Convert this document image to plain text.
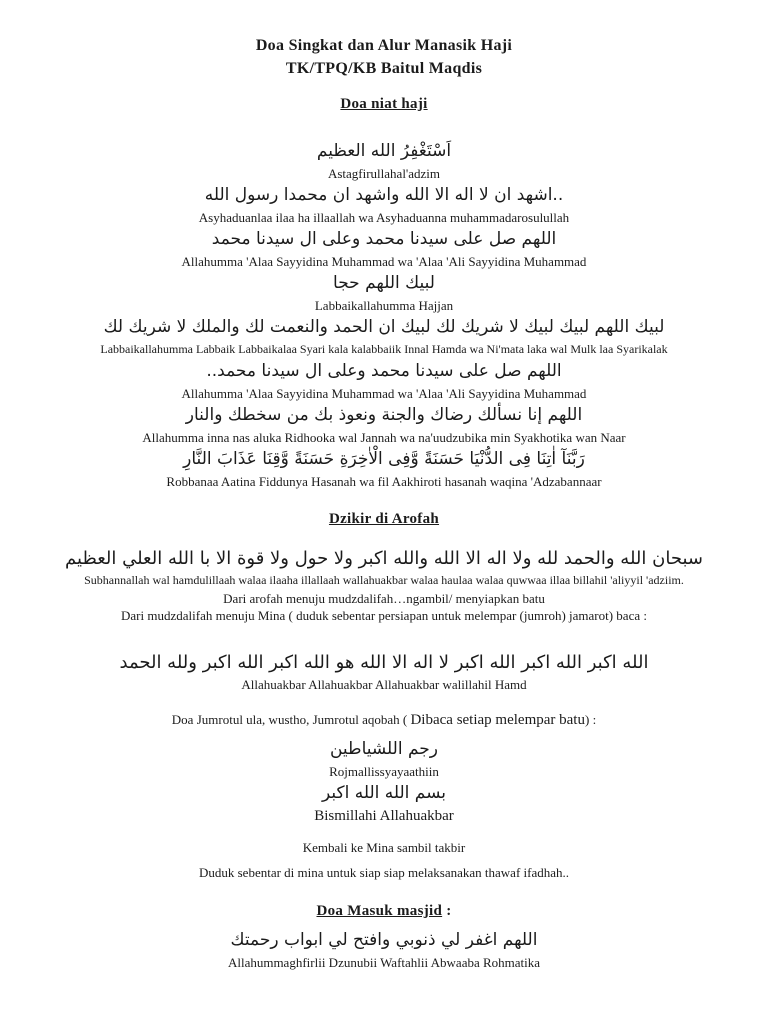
Doa Singkat dan Alur Manasik Haji
TK/TPQ/KB Baitul Maqdis
Doa niat haji
اَسْتَغْفِرُ الله العظيم
Astagfirullahal'adzim
..اشهد ان لا اله الا الله واشهد ان محمدا رسول الله
Asyhaduanlaa ilaa ha illaallah wa Asyhaduanna muhammadarosulullah
اللهم صل على سيدنا محمد وعلى ال سيدنا محمد
Allahumma 'Alaa Sayyidina Muhammad wa 'Alaa 'Ali Sayyidina Muhammad
لبيك اللهم حجا
Labbaikallahumma Hajjan
لبيك اللهم لبيك لبيك لا شريك لك لبيك ان الحمد والنعمت لك والملك لا شريك لك
Labbaikallahumma Labbaik Labbaikalaa Syari kala kalabbaiik Innal Hamda wa Ni'mata laka wal Mulk laa Syarikalak
اللهم صل على سيدنا محمد وعلى ال سيدنا محمد..
Allahumma 'Alaa Sayyidina Muhammad wa 'Alaa 'Ali Sayyidina Muhammad
اللهم إنا نسألك رضاك والجنة ونعوذ بك من سخطك والنار
Allahumma inna nas aluka Ridhooka wal Jannah wa na'uudzubika min Syakhotika wan Naar
رَبَّنَآ اٰتِنَا فِى الدُّنْيَا حَسَنَةً وَّفِى الْاٰخِرَةِ حَسَنَةً وَّقِنَا عَذَابَ النَّارِ
Robbanaa Aatina Fiddunya Hasanah wa fil Aakhiroti hasanah waqina 'Adzabannaar
Dzikir di Arofah
سبحان الله والحمد لله ولا اله الا الله والله اكبر ولا حول ولا قوة الا با الله العلي العظيم
Subhannallah wal hamdulillaah walaa ilaaha illallaah wallahuakbar walaa haulaa walaa quwwaa illaa billahil 'aliyyil 'adziim.
Dari arofah menuju mudzdalifah…ngambil/ menyiapkan batu
Dari mudzdalifah menuju Mina ( duduk sebentar persiapan untuk melempar (jumroh) jamarot) baca :
الله اكبر الله اكبر الله اكبر لا اله الا الله هو الله اكبر الله اكبر ولله الحمد
Allahuakbar Allahuakbar Allahuakbar walillahil Hamd
Doa Jumrotul ula, wustho, Jumrotul aqobah ( Dibaca setiap melempar batu) :
رجم اللشياطين
Rojmallissyayaathiin
بسم الله الله اكبر
Bismillahi Allahuakbar
Kembali ke Mina sambil takbir
Duduk sebentar di mina untuk siap siap melaksanakan thawaf ifadhah..
Doa Masuk masjid :
اللهم اغفر لي ذنوبي وافتح لي ابواب رحمتك
Allahummaghfirlii Dzunubii Waftahlii Abwaaba Rohmatika
